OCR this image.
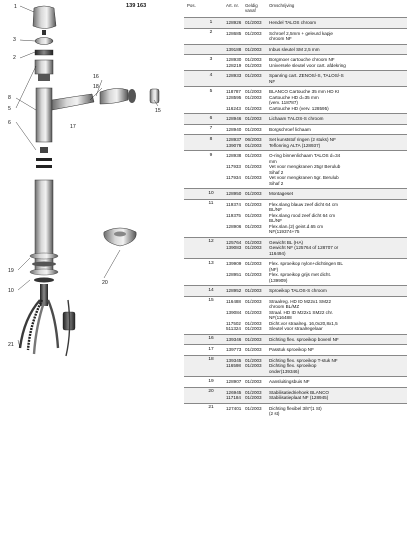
139 163
1
3
2
8
5
6
16
18
17
15
19
10
20
21
Pos.	Art. nr. Geldig
vanaf
Omschrijving
1	128926 01/2003 Hendel TALOS chroom
2	128685 01/2003 Schroef 2,5mm + geleurd kapje
chroom NF
139188 01/2003 Inbus sleutel SM 2,5 mm
3	128930 01/2003 Borgmoer cartouche chroom NF
128219 01/2003 Universele sleutel voor cart. afdekring
4	128933 01/2003 Spanring cart. ZENOS/-S, TALOS/-S
NF
5	118787 01/2003 BLANCO Cartouche 35 mm HD KI
128595 01/2003 Cartouche HD d=35 mm
(verv. 118787)
116243 01/2003 Cartouche HD (verv. 128595)
6	128946 01/2003 Lichaam TALOS-S chroom
7	128940 01/2003 Borgschroef lichaam
8	128937 06/2003 Set kunststof ringen (2 stuks) NF
139078 01/2003 Teflonring ALTA (128937)
9	128938 01/2003 O-ring binnenlichaam TALOS d=34
mm
117933 01/2003 Vet voor mengkranen 25gr Berulub
Sihaf 2
117934 01/2003 Vet voor mengkranen 5gr. Berulub
Sihaf 2
10	128950 01/2003 Montageset
11	119374 01/2003 Flex.slang blauw zeef dicht 64 cm
BL/NF
119375 01/2003 Flex.slang rood zeef dicht 64 cm
BL/NF
128906 01/2003 Flex.slan.(2) geint.d.65 cm
NF(119374+75
12	125764 01/2003 Gewicht BL (HA)
139083 01/2003 Gewicht NF (125764 of 128707 or
116494)
13	139909 01/2003 Flex. sproeikop nylon+dichtingen BL
(NF)
128951 01/2003 Flex. sproeikop grijs met dicht.
(139909)
14	128952 01/2003 Sproeikop TALOS-S chroom
15	116488 01/2003 Straalreg. HD ID M22x1 SM22
chroom BL/MZ
139084 01/2003 Straal. HD ID M22x1 SM22 chr.
NF(116488
117502 01/2003 Dicht.vor straalreg. 16,0x20,8x1,5
511324 01/2003 Sleutel voor straalregelaar
16	139346 01/2003 Dichting flex. sproeikop bovenl NF
17	139773 01/2003 Passtuk sproeikop NF
18	139345 01/2003 Dichting flex. sproeikop T-stuk NF
116598 01/2003 Dichting flex. sproeikop
onder(139346)
19	128907 01/2003 Aansluitingsbuis NF
20	126945 01/2003 Stabilisatiedriehoek BLANCO
117184 01/2003 Stabilisatieplaat NF (128945)
21	127401 01/2003 Dichting flexibel 3/8"(1 St)
(2 st)
